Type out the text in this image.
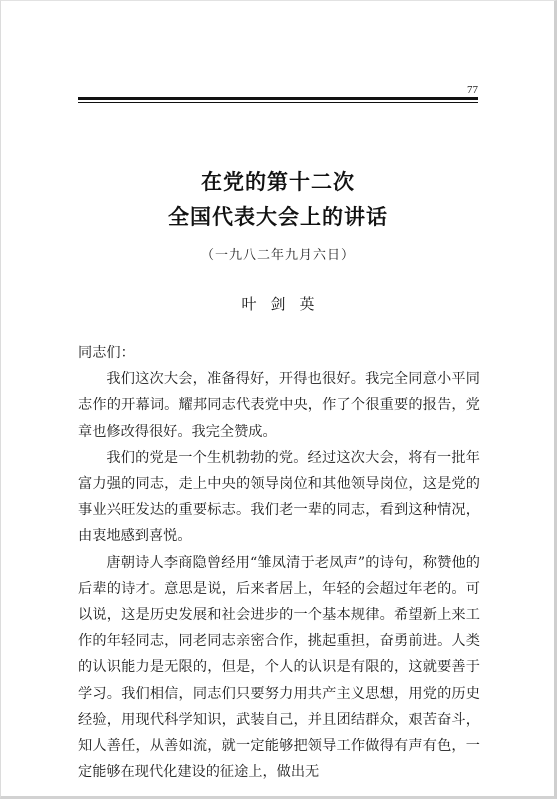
77
在党的第十二次
全国代表大会上的讲话
（一九八二年九月六日）
叶剑英

同志们：

我们这次大会，准备得好，开得也很好。我完全同意小平同志作的开幕词。耀邦同志代表党中央，作了个很重要的报告，党章也修改得很好。我完全赞成。

我们的党是一个生机勃勃的党。经过这次大会，将有一批年富力强的同志，走上中央的领导岗位和其他领导岗位，这是党的事业兴旺发达的重要标志。我们老一辈的同志，看到这种情况，由衷地感到喜悦。

唐朝诗人李商隐曾经用“雏凤清于老凤声”的诗句，称赞他的后辈的诗才。意思是说，后来者居上，年轻的会超过年老的。可以说，这是历史发展和社会进步的一个基本规律。希望新上来工作的年轻同志，同老同志亲密合作，挑起重担，奋勇前进。人类的认识能力是无限的，但是，个人的认识是有限的，这就要善于学习。我们相信，同志们只要努力用共产主义思想，用党的历史经验，用现代科学知识，武装自己，并且团结群众，艰苦奋斗，知人善任，从善如流，就一定能够把领导工作做得有声有色，一定能够在现代化建设的征途上，做出无
